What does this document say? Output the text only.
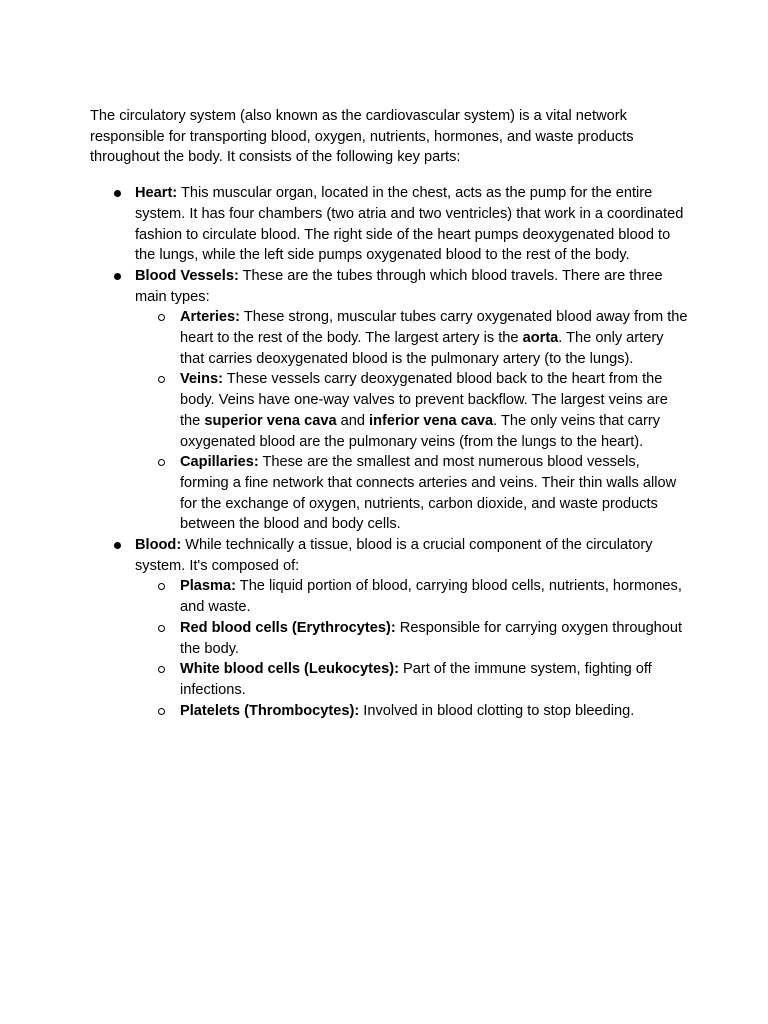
The circulatory system (also known as the cardiovascular system) is a vital network responsible for transporting blood, oxygen, nutrients, hormones, and waste products throughout the body. It consists of the following key parts:

Heart: This muscular organ, located in the chest, acts as the pump for the entire system. It has four chambers (two atria and two ventricles) that work in a coordinated fashion to circulate blood. The right side of the heart pumps deoxygenated blood to the lungs, while the left side pumps oxygenated blood to the rest of the body.
Blood Vessels: These are the tubes through which blood travels. There are three main types:
Arteries: These strong, muscular tubes carry oxygenated blood away from the heart to the rest of the body. The largest artery is the aorta. The only artery that carries deoxygenated blood is the pulmonary artery (to the lungs).
Veins: These vessels carry deoxygenated blood back to the heart from the body. Veins have one-way valves to prevent backflow. The largest veins are the superior vena cava and inferior vena cava. The only veins that carry oxygenated blood are the pulmonary veins (from the lungs to the heart).
Capillaries: These are the smallest and most numerous blood vessels, forming a fine network that connects arteries and veins. Their thin walls allow for the exchange of oxygen, nutrients, carbon dioxide, and waste products between the blood and body cells.
Blood: While technically a tissue, blood is a crucial component of the circulatory system. It's composed of:
Plasma: The liquid portion of blood, carrying blood cells, nutrients, hormones, and waste.
Red blood cells (Erythrocytes): Responsible for carrying oxygen throughout the body.
White blood cells (Leukocytes): Part of the immune system, fighting off infections.
Platelets (Thrombocytes): Involved in blood clotting to stop bleeding.
